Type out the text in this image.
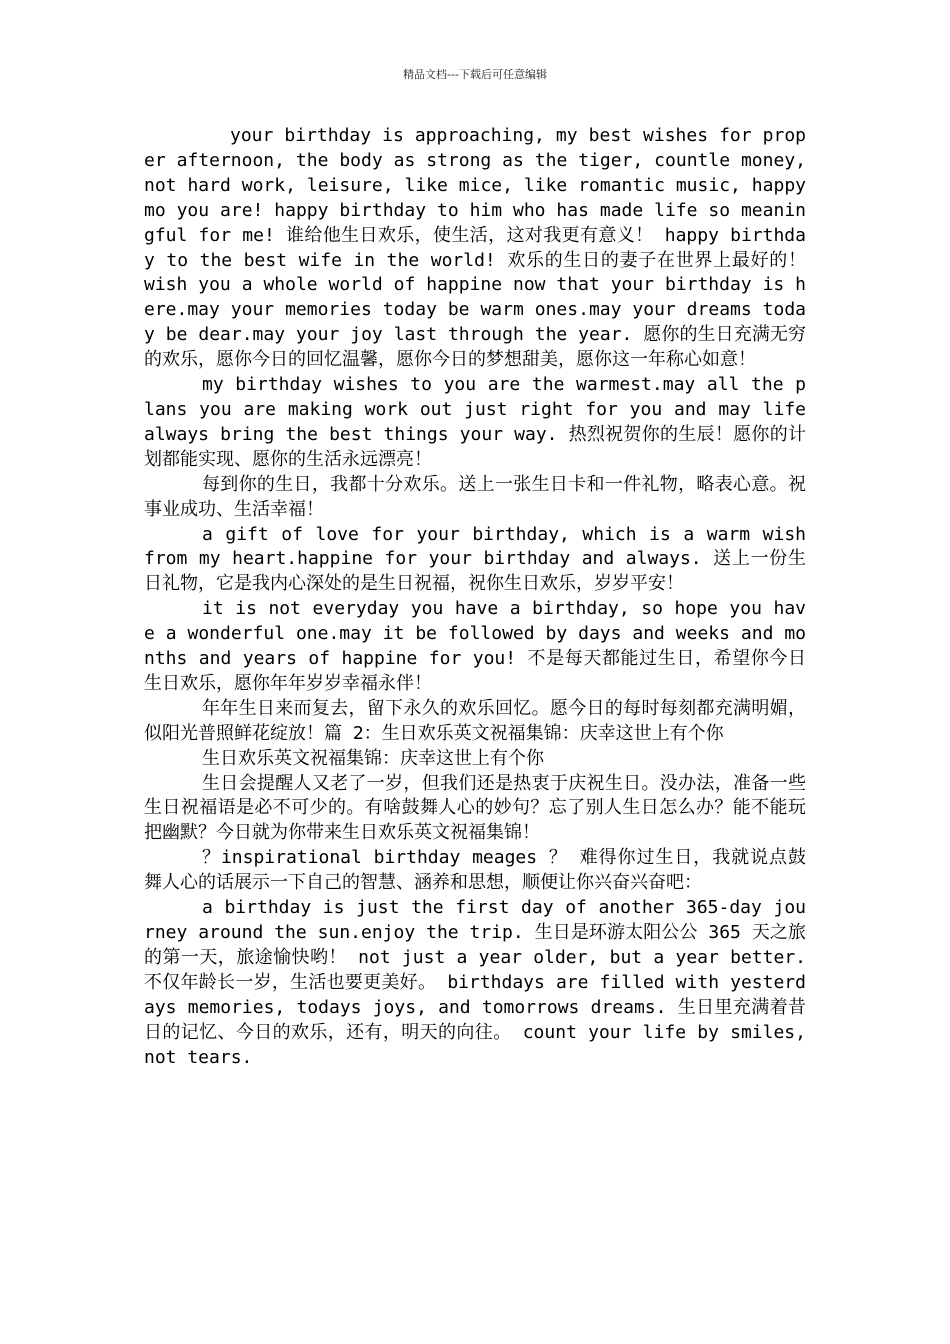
精品文档---下载后可任意编辑

your birthday is approaching, my best wishes for proper afternoon, the body as strong as the tiger, countle money, not hard work, leisure, like mice, like romantic music, happy mo you are! happy birthday to him who has made life so meaningful for me! 谁给他生日欢乐，使生活，这对我更有意义！ happy birthday to the best wife in the world! 欢乐的生日的妻子在世界上最好的！ wish you a whole world of happine now that your birthday is here.may your memories today be warm ones.may your dreams today be dear.may your joy last through the year. 愿你的生日充满无穷的欢乐，愿你今日的回忆温馨，愿你今日的梦想甜美，愿你这一年称心如意！

my birthday wishes to you are the warmest.may all the plans you are making work out just right for you and may life always bring the best things your way. 热烈祝贺你的生辰！愿你的计划都能实现、愿你的生活永远漂亮！

每到你的生日，我都十分欢乐。送上一张生日卡和一件礼物，略表心意。祝事业成功、生活幸福！

a gift of love for your birthday, which is a warm wish from my heart.happine for your birthday and always. 送上一份生日礼物，它是我内心深处的是生日祝福，祝你生日欢乐，岁岁平安！

it is not everyday you have a birthday, so hope you have a wonderful one.may it be followed by days and weeks and months and years of happine for you! 不是每天都能过生日，希望你今日生日欢乐，愿你年年岁岁幸福永伴！

年年生日来而复去，留下永久的欢乐回忆。愿今日的每时每刻都充满明媚，似阳光普照鲜花绽放！篇 2：生日欢乐英文祝福集锦：庆幸这世上有个你

生日欢乐英文祝福集锦：庆幸这世上有个你

生日会提醒人又老了一岁，但我们还是热衷于庆祝生日。没办法，准备一些生日祝福语是必不可少的。有啥鼓舞人心的妙句？忘了别人生日怎么办？能不能玩把幽默？今日就为你带来生日欢乐英文祝福集锦！

？inspirational birthday meages ？ 难得你过生日，我就说点鼓舞人心的话展示一下自己的智慧、涵养和思想，顺便让你兴奋兴奋吧：

a birthday is just the first day of another 365-day journey around the sun.enjoy the trip. 生日是环游太阳公公 365 天之旅的第一天，旅途愉快哟！ not just a year older, but a year better. 不仅年龄长一岁，生活也要更美好。 birthdays are filled with yesterdays memories, todays joys, and tomorrows dreams. 生日里充满着昔日的记忆、今日的欢乐，还有，明天的向往。 count your life by smiles, not tears.
